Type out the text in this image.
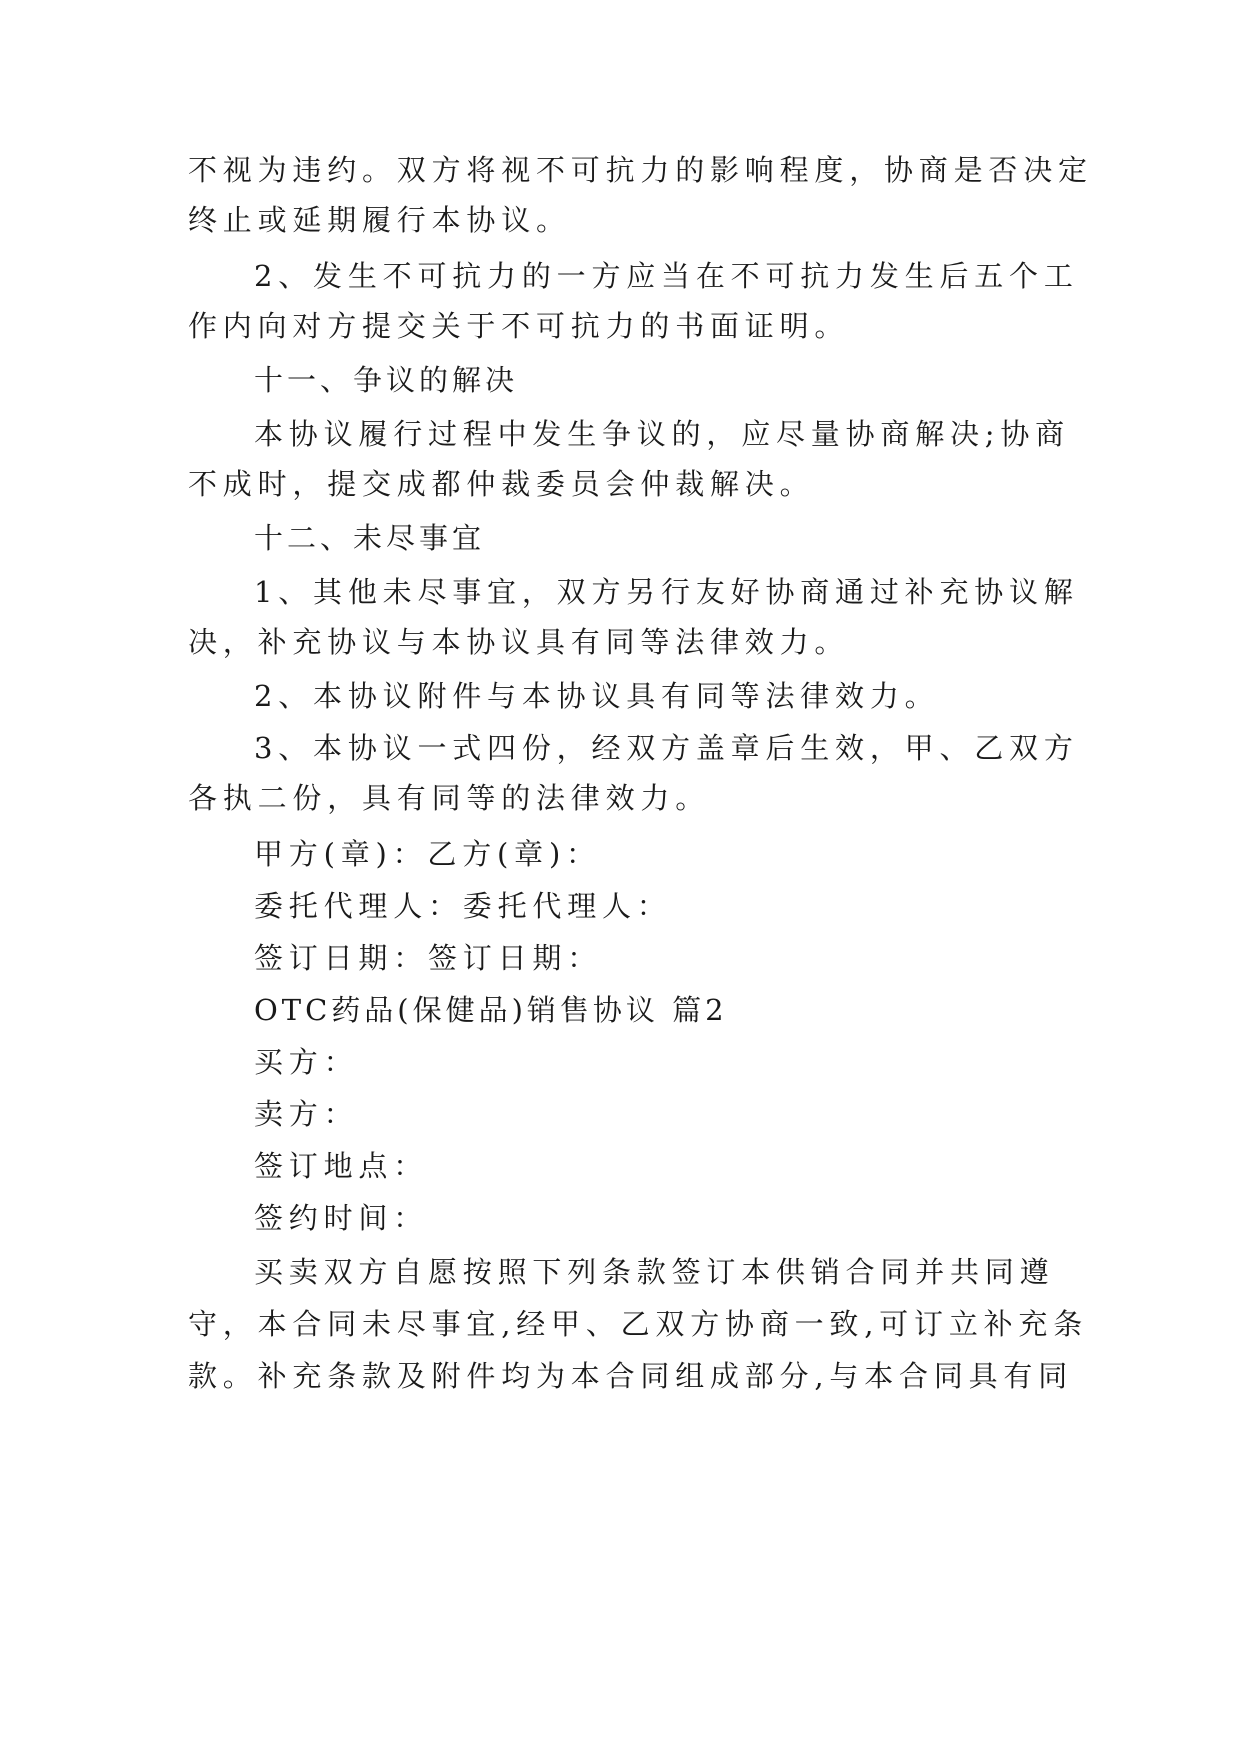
不视为违约。双方将视不可抗力的影响程度，协商是否决定
终止或延期履行本协议。
2、发生不可抗力的一方应当在不可抗力发生后五个工
作内向对方提交关于不可抗力的书面证明。
十一、争议的解决
本协议履行过程中发生争议的，应尽量协商解决;协商
不成时，提交成都仲裁委员会仲裁解决。
十二、未尽事宜
1、其他未尽事宜，双方另行友好协商通过补充协议解
决，补充协议与本协议具有同等法律效力。
2、本协议附件与本协议具有同等法律效力。
3、本协议一式四份，经双方盖章后生效，甲、乙双方
各执二份，具有同等的法律效力。
甲方(章)：乙方(章)：
委托代理人：委托代理人：
签订日期：签订日期：
OTC药品(保健品)销售协议 篇2
买方：
卖方：
签订地点：
签约时间：
买卖双方自愿按照下列条款签订本供销合同并共同遵
守，本合同未尽事宜,经甲、乙双方协商一致,可订立补充条
款。补充条款及附件均为本合同组成部分,与本合同具有同
